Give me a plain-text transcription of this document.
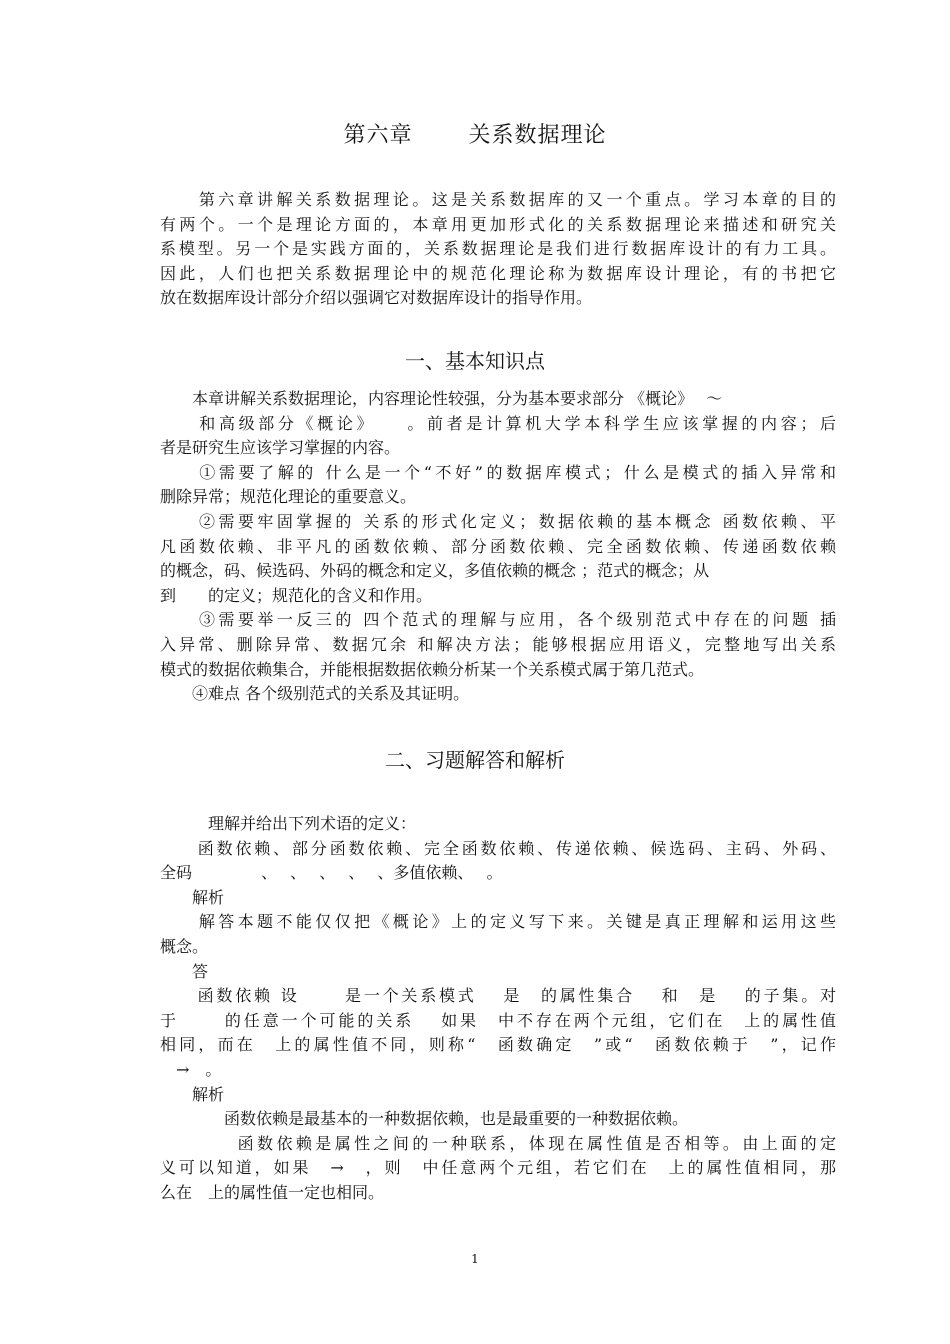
第六章	关系数据理论
　　第六章讲解关系数据理论。这是关系数据库的又一个重点。学习本章的目的
有两个。一个是理论方面的，本章用更加形式化的关系数据理论来描述和研究关
系模型。另一个是实践方面的，关系数据理论是我们进行数据库设计的有力工具。
因此，人们也把关系数据理论中的规范化理论称为数据库设计理论，有的书把它
放在数据库设计部分介绍以强调它对数据库设计的指导作用。
一、基本知识点
　　本章讲解关系数据理论，内容理论性较强，分为基本要求部分 《概论》　 ～
　　和高级部分《概论》　　。前者是计算机大学本科学生应该掌握的内容；后
者是研究生应该学习掌握的内容。
　　①需要了解的 什么是一个“不好”的数据库模式；什么是模式的插入异常和
删除异常；规范化理论的重要意义。
　　②需要牢固掌握的 关系的形式化定义；数据依赖的基本概念 函数依赖、平
凡函数依赖、非平凡的函数依赖、部分函数依赖、完全函数依赖、传递函数依赖
的概念，码、候选码、外码的概念和定义，多值依赖的概念 ；范式的概念；从
到　　的定义；规范化的含义和作用。
　　③需要举一反三的 四个范式的理解与应用，各个级别范式中存在的问题 插
入异常、删除异常、数据冗余 和解决方法；能够根据应用语义，完整地写出关系
模式的数据依赖集合，并能根据数据依赖分析某一个关系模式属于第几范式。
　　④难点 各个级别范式的关系及其证明。
二、习题解答和解析
　　　理解并给出下列术语的定义：
　　函数依赖、部分函数依赖、完全函数依赖、传递依赖、候选码、主码、外码、
全码　　　　 、　 、　 、　 、　 、多值依赖、　 。
　　解析
　　解答本题不能仅仅把《概论》上的定义写下来。关键是真正理解和运用这些
概念。
　　答
　　函数依赖 设　　 是一个关系模式　 是　的属性集合　 和　是　 的子集。对
于　　 的任意一个可能的关系　 如果　中不存在两个元组，它们在　上的属性值
相同，而在　上的属性值不同，则称“　函数确定　”或“　函数依赖于　”，记作
　→　。
　　解析
　　　　函数依赖是最基本的一种数据依赖，也是最重要的一种数据依赖。
　　　　函数依赖是属性之间的一种联系，体现在属性值是否相等。由上面的定
义可以知道，如果　→　，则　中任意两个元组，若它们在　上的属性值相同，那
么在　上的属性值一定也相同。
1
